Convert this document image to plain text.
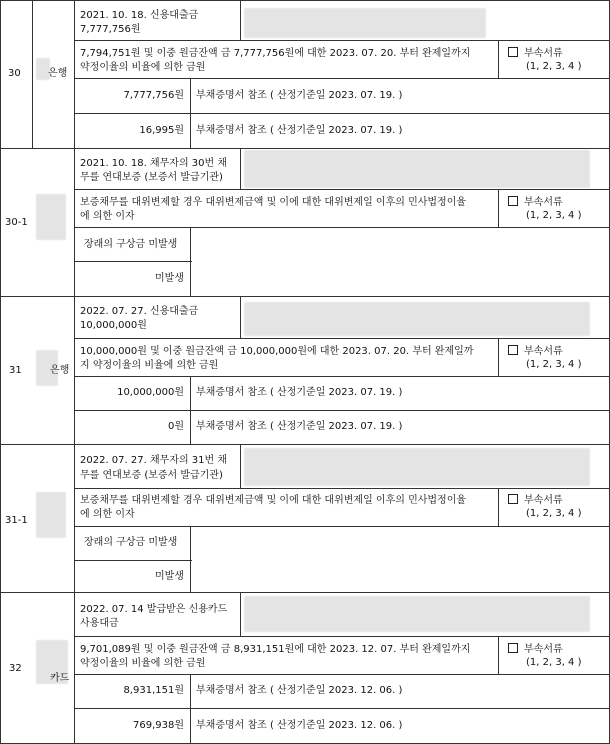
30	은행
2021. 10. 18. 신용대출금
7,777,756원
7,794,751원 및 이중 원금잔액 금 7,777,756원에 대한 2023. 07. 20. 부터 완제일까지
약정이율의 비율에 의한 금원
부속서류
(1, 2, 3, 4 )
7,777,756원 부채증명서 참조 ( 산정기준일 2023. 07. 19. )
16,995원 부채증명서 참조 ( 산정기준일 2023. 07. 19. )
30-1
2021. 10. 18. 채무자의 30번 채
무를 연대보증 (보증서 발급기관)
보증채무를 대위변제할 경우 대위변제금액 및 이에 대한 대위변제일 이후의 민사법정이율
에 의한 이자
부속서류
(1, 2, 3, 4 )
장래의 구상금 미발생
미발생
31	은행
2022. 07. 27. 신용대출금
10,000,000원
10,000,000원 및 이중 원금잔액 금 10,000,000원에 대한 2023. 07. 20. 부터 완제일까
지 약정이율의 비율에 의한 금원
부속서류
(1, 2, 3, 4 )
10,000,000원 부채증명서 참조 ( 산정기준일 2023. 07. 19. )
0원 부채증명서 참조 ( 산정기준일 2023. 07. 19. )
31-1
2022. 07. 27. 채무자의 31번 채
무를 연대보증 (보증서 발급기관)
보증채무를 대위변제할 경우 대위변제금액 및 이에 대한 대위변제일 이후의 민사법정이율
에 의한 이자
부속서류
(1, 2, 3, 4 )
장래의 구상금 미발생
미발생
32
카드
2022. 07. 14 발급받은 신용카드
사용대금
9,701,089원 및 이중 원금잔액 금 8,931,151원에 대한 2023. 12. 07. 부터 완제일까지
약정이율의 비율에 의한 금원
부속서류
(1, 2, 3, 4 )
8,931,151원 부채증명서 참조 ( 산정기준일 2023. 12. 06. )
769,938원 부채증명서 참조 ( 산정기준일 2023. 12. 06. )
